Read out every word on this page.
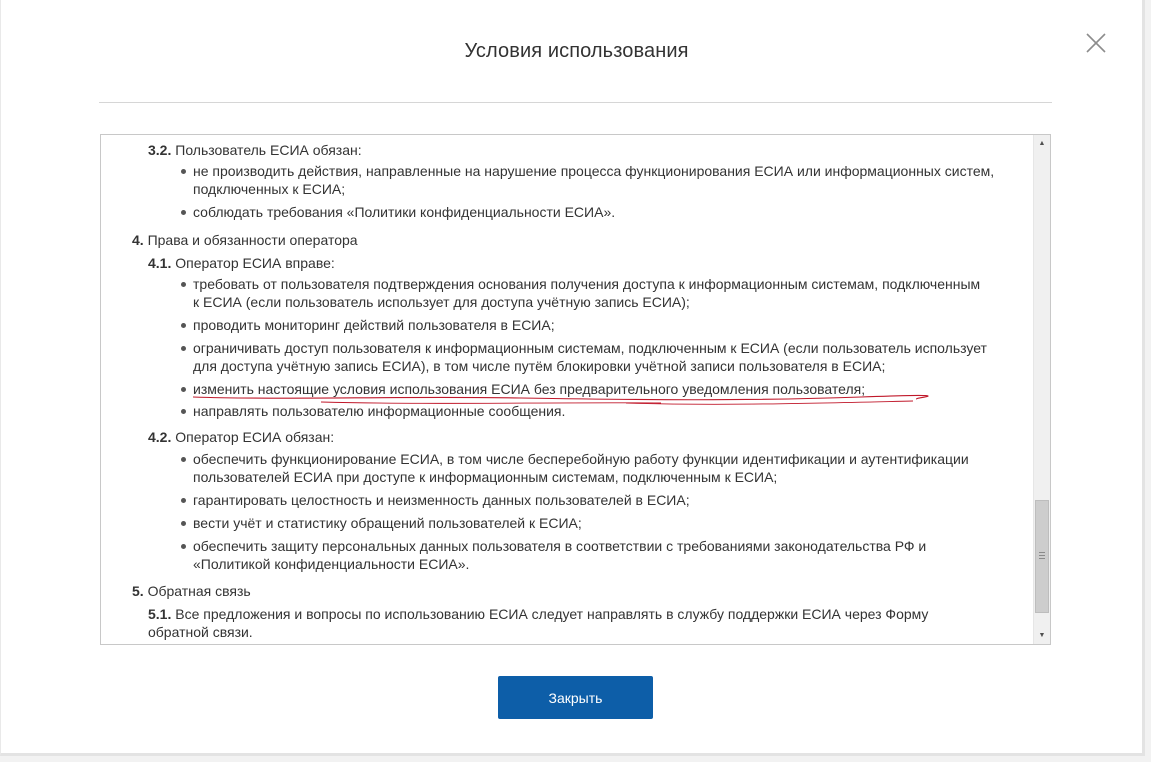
Условия использования
3.2. Пользователь ЕСИА обязан:
не производить действия, направленные на нарушение процесса функционирования ЕСИА или информационных систем,
подключенных к ЕСИА;
соблюдать требования «Политики конфиденциальности ЕСИА».
4. Права и обязанности оператора
4.1. Оператор ЕСИА вправе:
требовать от пользователя подтверждения основания получения доступа к информационным системам, подключенным
к ЕСИА (если пользователь использует для доступа учётную запись ЕСИА);
проводить мониторинг действий пользователя в ЕСИА;
ограничивать доступ пользователя к информационным системам, подключенным к ЕСИА (если пользователь использует
для доступа учётную запись ЕСИА), в том числе путём блокировки учётной записи пользователя в ЕСИА;
изменить настоящие условия использования ЕСИА без предварительного уведомления пользователя;
направлять пользователю информационные сообщения.
4.2. Оператор ЕСИА обязан:
обеспечить функционирование ЕСИА, в том числе бесперебойную работу функции идентификации и аутентификации
пользователей ЕСИА при доступе к информационным системам, подключенным к ЕСИА;
гарантировать целостность и неизменность данных пользователей в ЕСИА;
вести учёт и статистику обращений пользователей к ЕСИА;
обеспечить защиту персональных данных пользователя в соответствии с требованиями законодательства РФ и
«Политикой конфиденциальности ЕСИА».
5. Обратная связь
5.1. Все предложения и вопросы по использованию ЕСИА следует направлять в службу поддержки ЕСИА через Форму
обратной связи.
▲
▼
Закрыть
